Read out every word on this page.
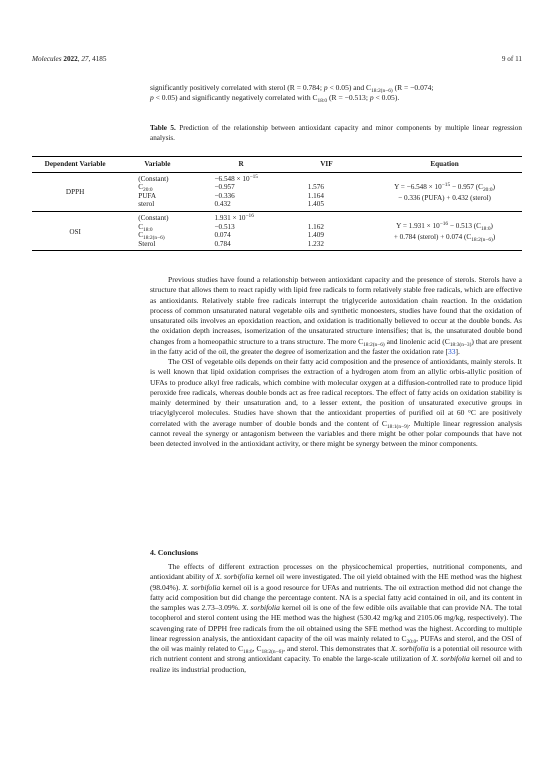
Molecules 2022, 27, 4185	9 of 11

significantly positively correlated with sterol (R = 0.784; p < 0.05) and $C_{18:2(n-6)}$ (R = −0.074;
p < 0.05) and significantly negatively correlated with $C_{18:0}$ (R = −0.513; p < 0.05).

Table 5. Prediction of the relationship between antioxidant capacity and minor components by multiple linear regression analysis.

Dependent Variable	Variable	R	VIF	Equation
DPPH	(Constant)	$-6.548 \times 10^{-15}$		$Y = -6.548 \times 10^{-15} - 0.957$ $(C_{20:0})$
− 0.336 (PUFA) + 0.432 (sterol)
	$C_{20:0}$	−0.957	1.576	
	PUFA	−0.336	1.164	
	sterol	0.432	1.405	
OSI	(Constant)	$1.931 \times 10^{-16}$		$Y = 1.931 \times 10^{-16} - 0.513$ $(C_{18:0})$
+ 0.784 (sterol) + 0.074 $(C_{18:2(n-6)})$
	$C_{18:0}$	−0.513	1.162	
	$C_{18:2(n-6)}$	0.074	1.409	
	Sterol	0.784	1.232	

Previous studies have found a relationship between antioxidant capacity and the presence of sterols. Sterols have a structure that allows them to react rapidly with lipid free radicals to form relatively stable free radicals, which are effective as antioxidants. Relatively stable free radicals interrupt the triglyceride autoxidation chain reaction. In the oxidation process of common unsaturated natural vegetable oils and synthetic monoesters, studies have found that the oxidation of unsaturated oils involves an epoxidation reaction, and oxidation is traditionally believed to occur at the double bonds. As the oxidation depth increases, isomerization of the unsaturated structure intensifies; that is, the unsaturated double bond changes from a homeopathic structure to a trans structure. The more $C_{18:2(n-6)}$ and linolenic acid $(C_{18:3(n-3)})$ that are present in the fatty acid of the oil, the greater the degree of isomerization and the faster the oxidation rate [33].

The OSI of vegetable oils depends on their fatty acid composition and the presence of antioxidants, mainly sterols. It is well known that lipid oxidation comprises the extraction of a hydrogen atom from an allylic orbis-allylic position of UFAs to produce alkyl free radicals, which combine with molecular oxygen at a diffusion-controlled rate to produce lipid peroxide free radicals, whereas double bonds act as free radical receptors. The effect of fatty acids on oxidation stability is mainly determined by their unsaturation and, to a lesser extent, the position of unsaturated executive groups in triacylglycerol molecules. Studies have shown that the antioxidant properties of purified oil at 60 °C are positively correlated with the average number of double bonds and the content of $C_{18:1(n-9)}$. Multiple linear regression analysis cannot reveal the synergy or antagonism between the variables and there might be other polar compounds that have not been detected involved in the antioxidant activity, or there might be synergy between the minor components.

4. Conclusions

The effects of different extraction processes on the physicochemical properties, nutritional components, and antioxidant ability of X. sorbifolia kernel oil were investigated. The oil yield obtained with the HE method was the highest (98.04%). X. sorbifolia kernel oil is a good resource for UFAs and nutrients. The oil extraction method did not change the fatty acid composition but did change the percentage content. NA is a special fatty acid contained in oil, and its content in the samples was 2.73–3.09%. X. sorbifolia kernel oil is one of the few edible oils available that can provide NA. The total tocopherol and sterol content using the HE method was the highest (530.42 mg/kg and 2105.06 mg/kg, respectively). The scavenging rate of DPPH free radicals from the oil obtained using the SFE method was the highest. According to multiple linear regression analysis, the antioxidant capacity of the oil was mainly related to $C_{20:0}$, PUFAs and sterol, and the OSI of the oil was mainly related to $C_{18:0}$, $C_{18:2(n-6)}$, and sterol. This demonstrates that X. sorbifolia is a potential oil resource with rich nutrient content and strong antioxidant capacity. To enable the large-scale utilization of X. sorbifolia kernel oil and to realize its industrial production,
